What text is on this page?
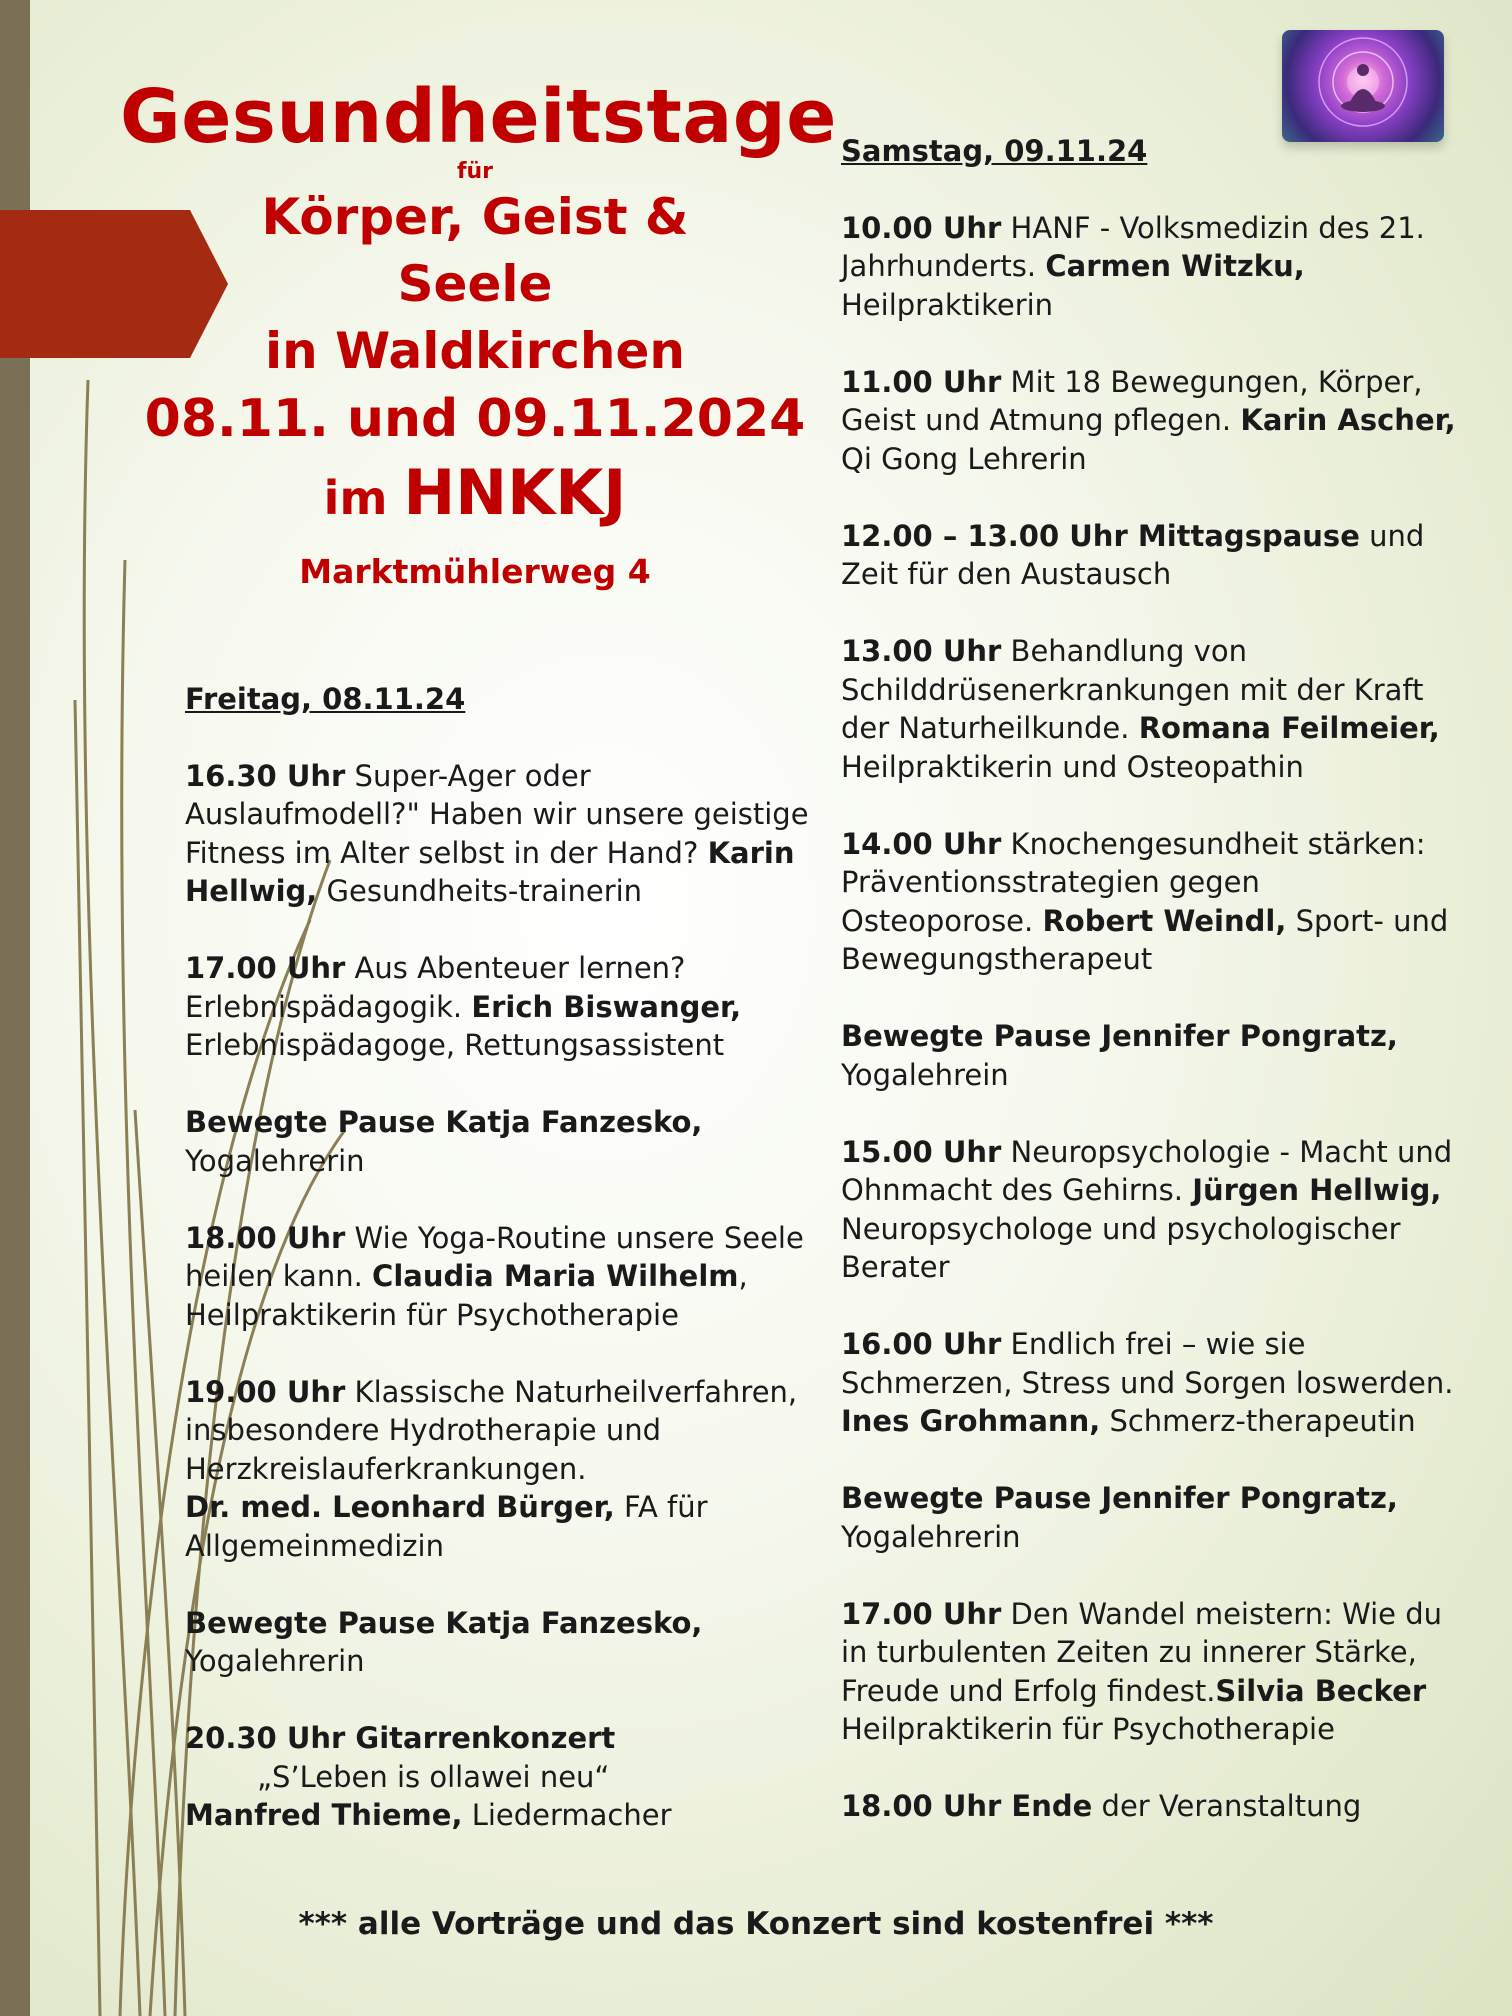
Gesundheitstage
für
Körper, Geist &
Seele
in Waldkirchen
08.11. und 09.11.2024
im HNKKJ
Marktmühlerweg 4
Freitag, 08.11.24

16.30 Uhr Super-Ager oder Auslaufmodell?" Haben wir unsere geistige Fitness im Alter selbst in der Hand? Karin Hellwig, Gesundheits-trainerin

17.00 Uhr Aus Abenteuer lernen? Erlebnispädagogik. Erich Biswanger, Erlebnispädagoge, Rettungsassistent

Bewegte Pause Katja Fanzesko,

Yogalehrerin

18.00 Uhr Wie Yoga-Routine unsere Seele heilen kann. Claudia Maria Wilhelm, Heilpraktikerin für Psychotherapie

19.00 Uhr Klassische Naturheilverfahren, insbesondere Hydrotherapie und Herzkreislauferkrankungen.

Dr. med. Leonhard Bürger, FA für Allgemeinmedizin

Bewegte Pause Katja Fanzesko,

Yogalehrerin

20.30 Uhr Gitarrenkonzert

„S’Leben is ollawei neu“

Manfred Thieme, Liedermacher

Samstag, 09.11.24

10.00 Uhr HANF - Volksmedizin des 21. Jahrhunderts. Carmen Witzku, Heilpraktikerin

11.00 Uhr Mit 18 Bewegungen, Körper, Geist und Atmung pflegen. Karin Ascher, Qi Gong Lehrerin

12.00 – 13.00 Uhr Mittagspause und Zeit für den Austausch

13.00 Uhr Behandlung von Schilddrüsenerkrankungen mit der Kraft der Naturheilkunde. Romana Feilmeier, Heilpraktikerin und Osteopathin

14.00 Uhr Knochengesundheit stärken: Präventionsstrategien gegen Osteoporose. Robert Weindl, Sport- und Bewegungstherapeut

Bewegte Pause Jennifer Pongratz,

Yogalehrein

15.00 Uhr Neuropsychologie - Macht und Ohnmacht des Gehirns. Jürgen Hellwig, Neuropsychologe und psychologischer Berater

16.00 Uhr Endlich frei – wie sie Schmerzen, Stress und Sorgen loswerden. Ines Grohmann, Schmerz-therapeutin

Bewegte Pause Jennifer Pongratz,

Yogalehrerin

17.00 Uhr Den Wandel meistern: Wie du in turbulenten Zeiten zu innerer Stärke, Freude und Erfolg findest.Silvia Becker Heilpraktikerin für Psychotherapie

18.00 Uhr Ende der Veranstaltung

*** alle Vorträge und das Konzert sind kostenfrei ***
